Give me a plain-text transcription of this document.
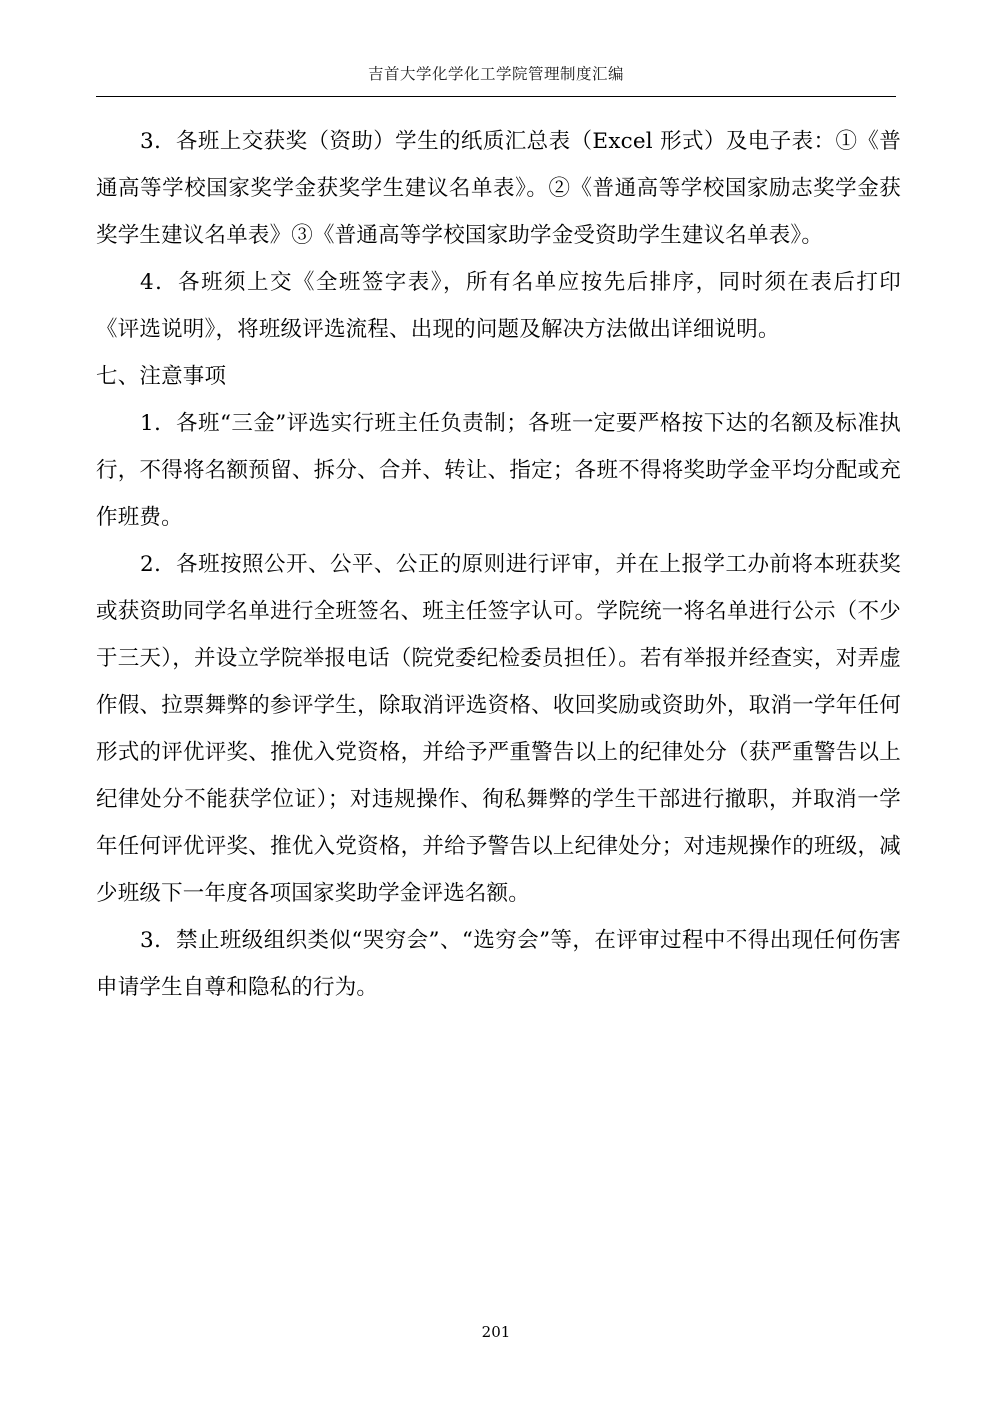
吉首大学化学化工学院管理制度汇编

3．各班上交获奖（资助）学生的纸质汇总表（Excel 形式）及电子表：①《普通高等学校国家奖学金获奖学生建议名单表》。②《普通高等学校国家励志奖学金获奖学生建议名单表》③《普通高等学校国家助学金受资助学生建议名单表》。

4．各班须上交《全班签字表》，所有名单应按先后排序，同时须在表后打印《评选说明》，将班级评选流程、出现的问题及解决方法做出详细说明。

七、注意事项

1．各班“三金”评选实行班主任负责制；各班一定要严格按下达的名额及标准执行，不得将名额预留、拆分、合并、转让、指定；各班不得将奖助学金平均分配或充作班费。

2．各班按照公开、公平、公正的原则进行评审，并在上报学工办前将本班获奖或获资助同学名单进行全班签名、班主任签字认可。学院统一将名单进行公示（不少于三天），并设立学院举报电话（院党委纪检委员担任）。若有举报并经查实，对弄虚作假、拉票舞弊的参评学生，除取消评选资格、收回奖励或资助外，取消一学年任何形式的评优评奖、推优入党资格，并给予严重警告以上的纪律处分（获严重警告以上纪律处分不能获学位证）；对违规操作、徇私舞弊的学生干部进行撤职，并取消一学年任何评优评奖、推优入党资格，并给予警告以上纪律处分；对违规操作的班级，减少班级下一年度各项国家奖助学金评选名额。

3．禁止班级组织类似“哭穷会”、“选穷会”等，在评审过程中不得出现任何伤害申请学生自尊和隐私的行为。

201
